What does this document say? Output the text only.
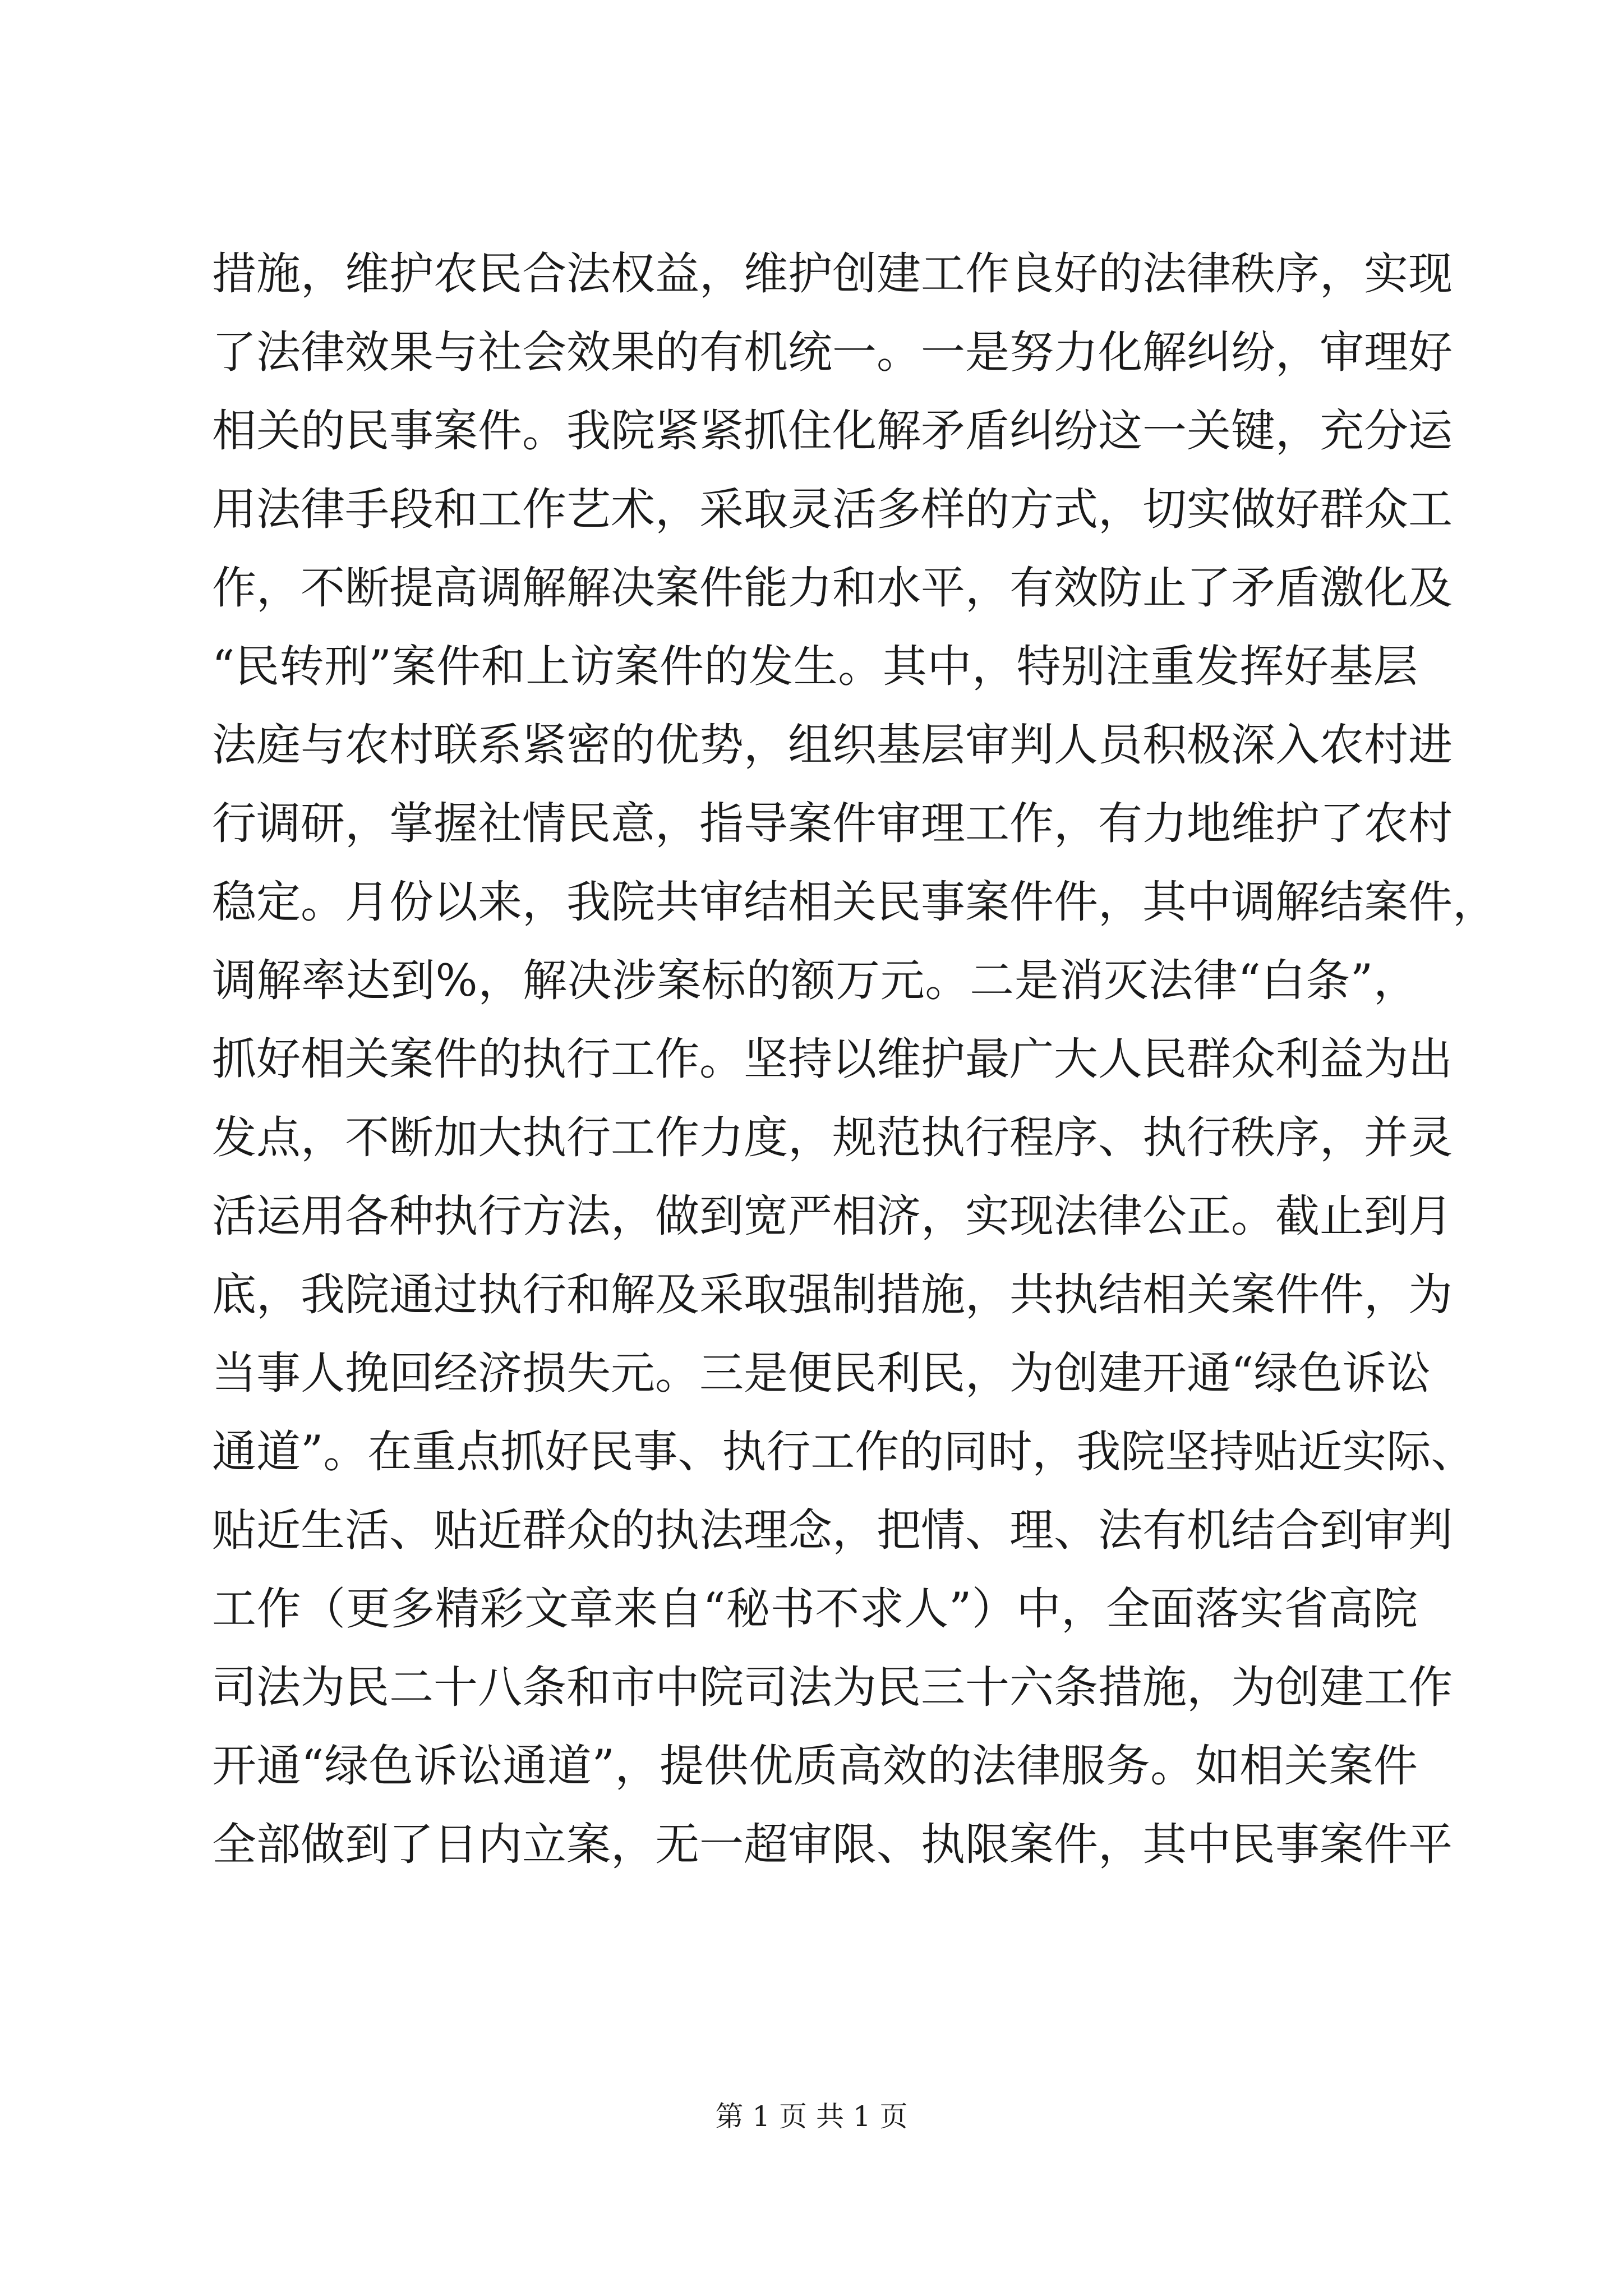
措施，维护农民合法权益，维护创建工作良好的法律秩序，实现
了法律效果与社会效果的有机统一。一是努力化解纠纷，审理好
相关的民事案件。我院紧紧抓住化解矛盾纠纷这一关键，充分运
用法律手段和工作艺术，采取灵活多样的方式，切实做好群众工
作，不断提高调解解决案件能力和水平，有效防止了矛盾激化及
“民转刑”案件和上访案件的发生。其中，特别注重发挥好基层
法庭与农村联系紧密的优势，组织基层审判人员积极深入农村进
行调研，掌握社情民意，指导案件审理工作，有力地维护了农村
稳定。月份以来，我院共审结相关民事案件件，其中调解结案件，
调解率达到%，解决涉案标的额万元。二是消灭法律“白条”，
抓好相关案件的执行工作。坚持以维护最广大人民群众利益为出
发点，不断加大执行工作力度，规范执行程序、执行秩序，并灵
活运用各种执行方法，做到宽严相济，实现法律公正。截止到月
底，我院通过执行和解及采取强制措施，共执结相关案件件，为
当事人挽回经济损失元。三是便民利民，为创建开通“绿色诉讼
通道”。在重点抓好民事、执行工作的同时，我院坚持贴近实际、
贴近生活、贴近群众的执法理念，把情、理、法有机结合到审判
工作（更多精彩文章来自“秘书不求人”）中，全面落实省高院
司法为民二十八条和市中院司法为民三十六条措施，为创建工作
开通“绿色诉讼通道”，提供优质高效的法律服务。如相关案件
全部做到了日内立案，无一超审限、执限案件，其中民事案件平
第 1 页 共 1 页
